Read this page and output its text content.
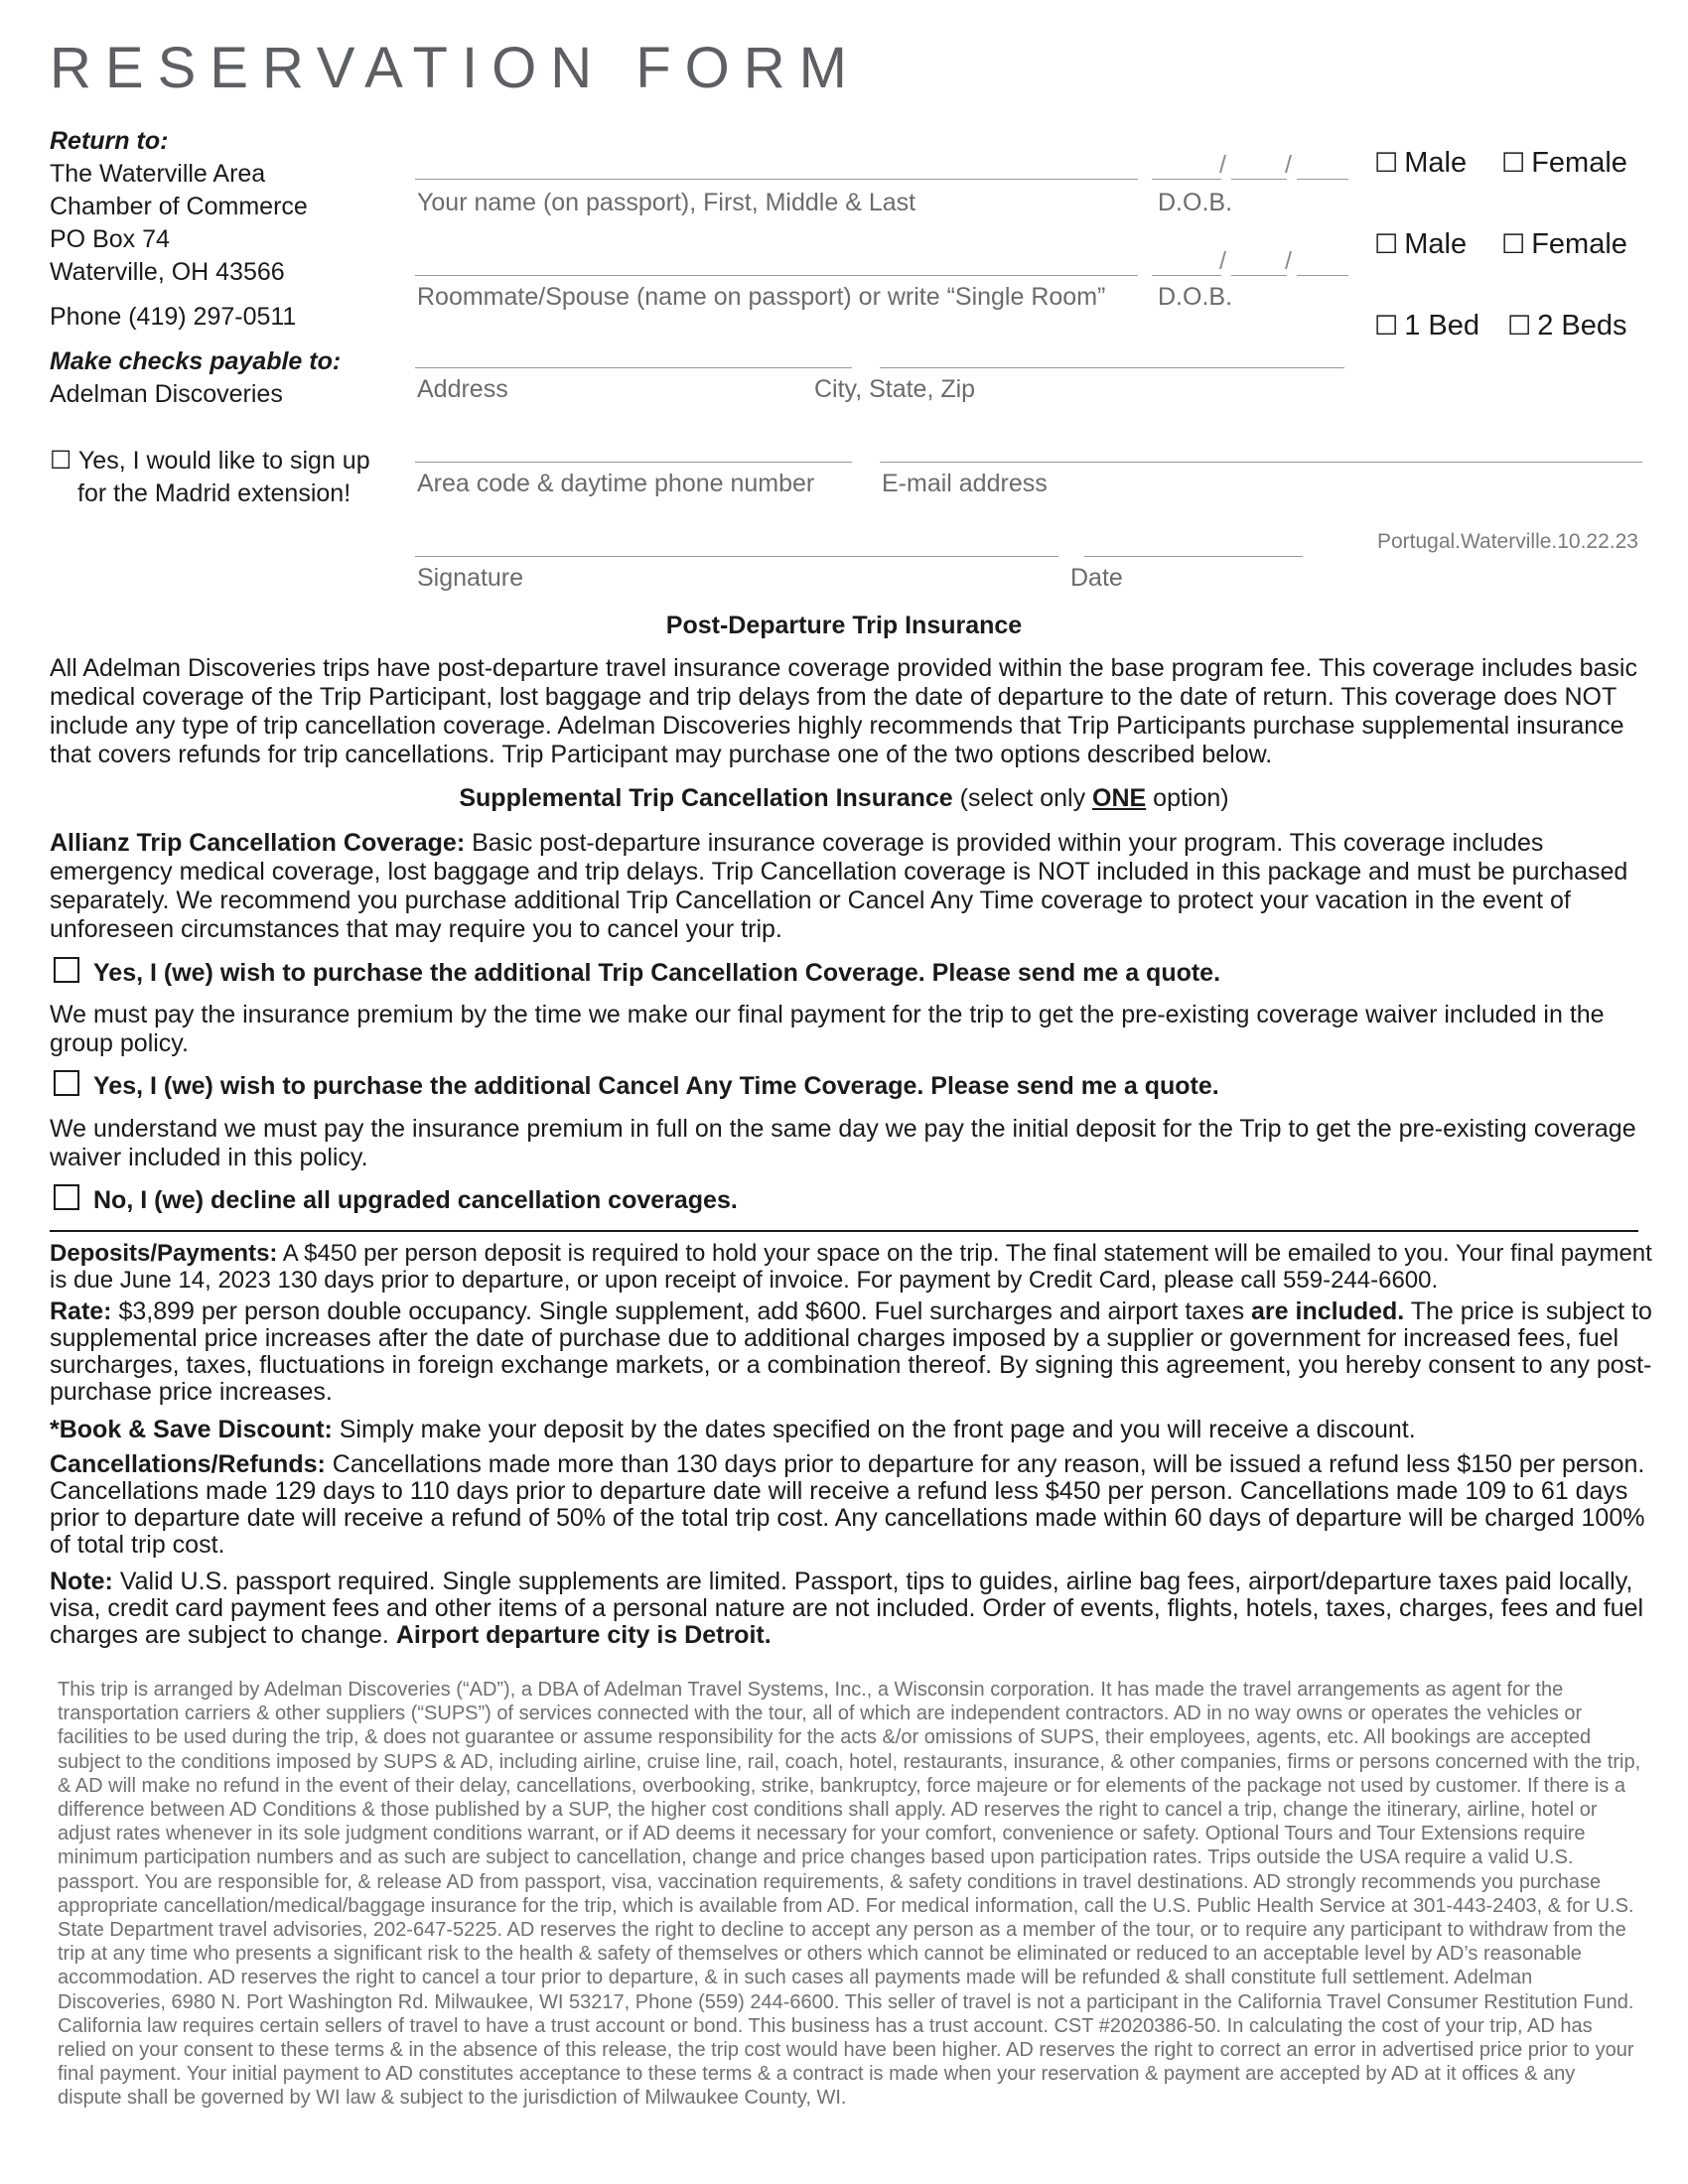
RESERVATION FORM

Return to:

The Waterville Area

Chamber of Commerce

PO Box 74

Waterville, OH 43566

Phone (419) 297-0511

Make checks payable to:

Adelman Discoveries

☐ Yes, I would like to sign up
for the Madrid extension!
/ /
Your name (on passport), First, Middle & Last	D.O.B.
/ /
Roommate/Spouse (name on passport) or write “Single Room” D.O.B.
☐ Male ☐ Female
☐ Male ☐ Female
☐ 1 Bed ☐ 2 Beds
Address	City, State, Zip
Area code & daytime phone number	E-mail address
Portugal.Waterville.10.22.23
Signature	Date
Post-Departure Trip Insurance

All Adelman Discoveries trips have post-departure travel insurance coverage provided within the base program fee. This coverage includes basic medical coverage of the Trip Participant, lost baggage and trip delays from the date of departure to the date of return. This coverage does NOT include any type of trip cancellation coverage. Adelman Discoveries highly recommends that Trip Participants purchase supplemental insurance that covers refunds for trip cancellations. Trip Participant may purchase one of the two options described below.

Supplemental Trip Cancellation Insurance (select only ONE option)

Allianz Trip Cancellation Coverage: Basic post-departure insurance coverage is provided within your program. This coverage includes emergency medical coverage, lost baggage and trip delays. Trip Cancellation coverage is NOT included in this package and must be purchased separately. We recommend you purchase additional Trip Cancellation or Cancel Any Time coverage to protect your vacation in the event of unforeseen circumstances that may require you to cancel your trip.

Yes, I (we) wish to purchase the additional Trip Cancellation Coverage. Please send me a quote.

We must pay the insurance premium by the time we make our final payment for the trip to get the pre-existing coverage waiver included in the group policy.

Yes, I (we) wish to purchase the additional Cancel Any Time Coverage. Please send me a quote.

We understand we must pay the insurance premium in full on the same day we pay the initial deposit for the Trip to get the pre-existing coverage waiver included in this policy.

No, I (we) decline all upgraded cancellation coverages.

Deposits/Payments: A $450 per person deposit is required to hold your space on the trip. The final statement will be emailed to you. Your final payment is due June 14, 2023 130 days prior to departure, or upon receipt of invoice. For payment by Credit Card, please call 559-244-6600.

Rate: $3,899 per person double occupancy. Single supplement, add $600. Fuel surcharges and airport taxes are included. The price is subject to supplemental price increases after the date of purchase due to additional charges imposed by a supplier or government for increased fees, fuel surcharges, taxes, fluctuations in foreign exchange markets, or a combination thereof. By signing this agreement, you hereby consent to any post-purchase price increases.

*Book & Save Discount: Simply make your deposit by the dates specified on the front page and you will receive a discount.

Cancellations/Refunds: Cancellations made more than 130 days prior to departure for any reason, will be issued a refund less $150 per person. Cancellations made 129 days to 110 days prior to departure date will receive a refund less $450 per person. Cancellations made 109 to 61 days prior to departure date will receive a refund of 50% of the total trip cost. Any cancellations made within 60 days of departure will be charged 100% of total trip cost.

Note: Valid U.S. passport required. Single supplements are limited. Passport, tips to guides, airline bag fees, airport/departure taxes paid locally, visa, credit card payment fees and other items of a personal nature are not included. Order of events, flights, hotels, taxes, charges, fees and fuel charges are subject to change. Airport departure city is Detroit.

This trip is arranged by Adelman Discoveries (“AD”), a DBA of Adelman Travel Systems, Inc., a Wisconsin corporation. It has made the travel arrangements as agent for the transportation carriers & other suppliers (“SUPS”) of services connected with the tour, all of which are independent contractors. AD in no way owns or operates the vehicles or facilities to be used during the trip, & does not guarantee or assume responsibility for the acts &/or omissions of SUPS, their employees, agents, etc. All bookings are accepted subject to the conditions imposed by SUPS & AD, including airline, cruise line, rail, coach, hotel, restaurants, insurance, & other companies, firms or persons concerned with the trip, & AD will make no refund in the event of their delay, cancellations, overbooking, strike, bankruptcy, force majeure or for elements of the package not used by customer. If there is a difference between AD Conditions & those published by a SUP, the higher cost conditions shall apply. AD reserves the right to cancel a trip, change the itinerary, airline, hotel or adjust rates whenever in its sole judgment conditions warrant, or if AD deems it necessary for your comfort, convenience or safety. Optional Tours and Tour Extensions require minimum participation numbers and as such are subject to cancellation, change and price changes based upon participation rates. Trips outside the USA require a valid U.S. passport. You are responsible for, & release AD from passport, visa, vaccination requirements, & safety conditions in travel destinations. AD strongly recommends you purchase appropriate cancellation/medical/baggage insurance for the trip, which is available from AD. For medical information, call the U.S. Public Health Service at 301-443-2403, & for U.S. State Department travel advisories, 202-647-5225. AD reserves the right to decline to accept any person as a member of the tour, or to require any participant to withdraw from the trip at any time who presents a significant risk to the health & safety of themselves or others which cannot be eliminated or reduced to an acceptable level by AD’s reasonable accommodation. AD reserves the right to cancel a tour prior to departure, & in such cases all payments made will be refunded & shall constitute full settlement. Adelman Discoveries, 6980 N. Port Washington Rd. Milwaukee, WI 53217, Phone (559) 244-6600. This seller of travel is not a participant in the California Travel Consumer Restitution Fund. California law requires certain sellers of travel to have a trust account or bond. This business has a trust account. CST #2020386-50. In calculating the cost of your trip, AD has relied on your consent to these terms & in the absence of this release, the trip cost would have been higher. AD reserves the right to correct an error in advertised price prior to your final payment. Your initial payment to AD constitutes acceptance to these terms & a contract is made when your reservation & payment are accepted by AD at it offices & any dispute shall be governed by WI law & subject to the jurisdiction of Milwaukee County, WI.
